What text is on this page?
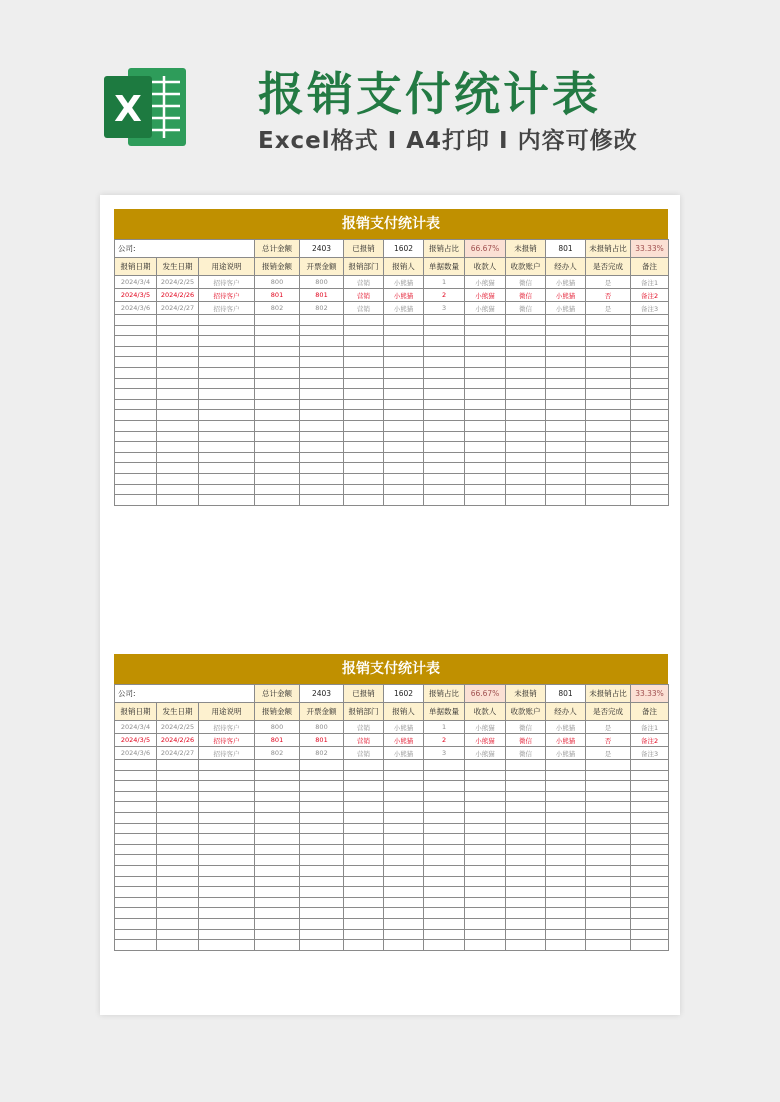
X	报销支付统计表
Excel格式 I A4打印 I 内容可修改
报销支付统计表
公司:			总计金额	2403	已报销	1602	报销占比	66.67%	未报销	801	未报销占比	33.33%
报销日期	发生日期	用途说明	报销金额	开票金额	报销部门	报销人	单据数量	收款人	收款账户	经办人	是否完成	备注
2024/3/4	2024/2/25	招待客户	800	800	营销	小熊猫	1	小熊猫	微信	小熊猫	是	备注1
2024/3/5	2024/2/26	招待客户	801	801	营销	小熊猫	2	小熊猫	微信	小熊猫	否	备注2
2024/3/6	2024/2/27	招待客户	802	802	营销	小熊猫	3	小熊猫	微信	小熊猫	是	备注3

报销支付统计表
公司:			总计金额	2403	已报销	1602	报销占比	66.67%	未报销	801	未报销占比	33.33%
报销日期	发生日期	用途说明	报销金额	开票金额	报销部门	报销人	单据数量	收款人	收款账户	经办人	是否完成	备注
2024/3/4	2024/2/25	招待客户	800	800	营销	小熊猫	1	小熊猫	微信	小熊猫	是	备注1
2024/3/5	2024/2/26	招待客户	801	801	营销	小熊猫	2	小熊猫	微信	小熊猫	否	备注2
2024/3/6	2024/2/27	招待客户	802	802	营销	小熊猫	3	小熊猫	微信	小熊猫	是	备注3
